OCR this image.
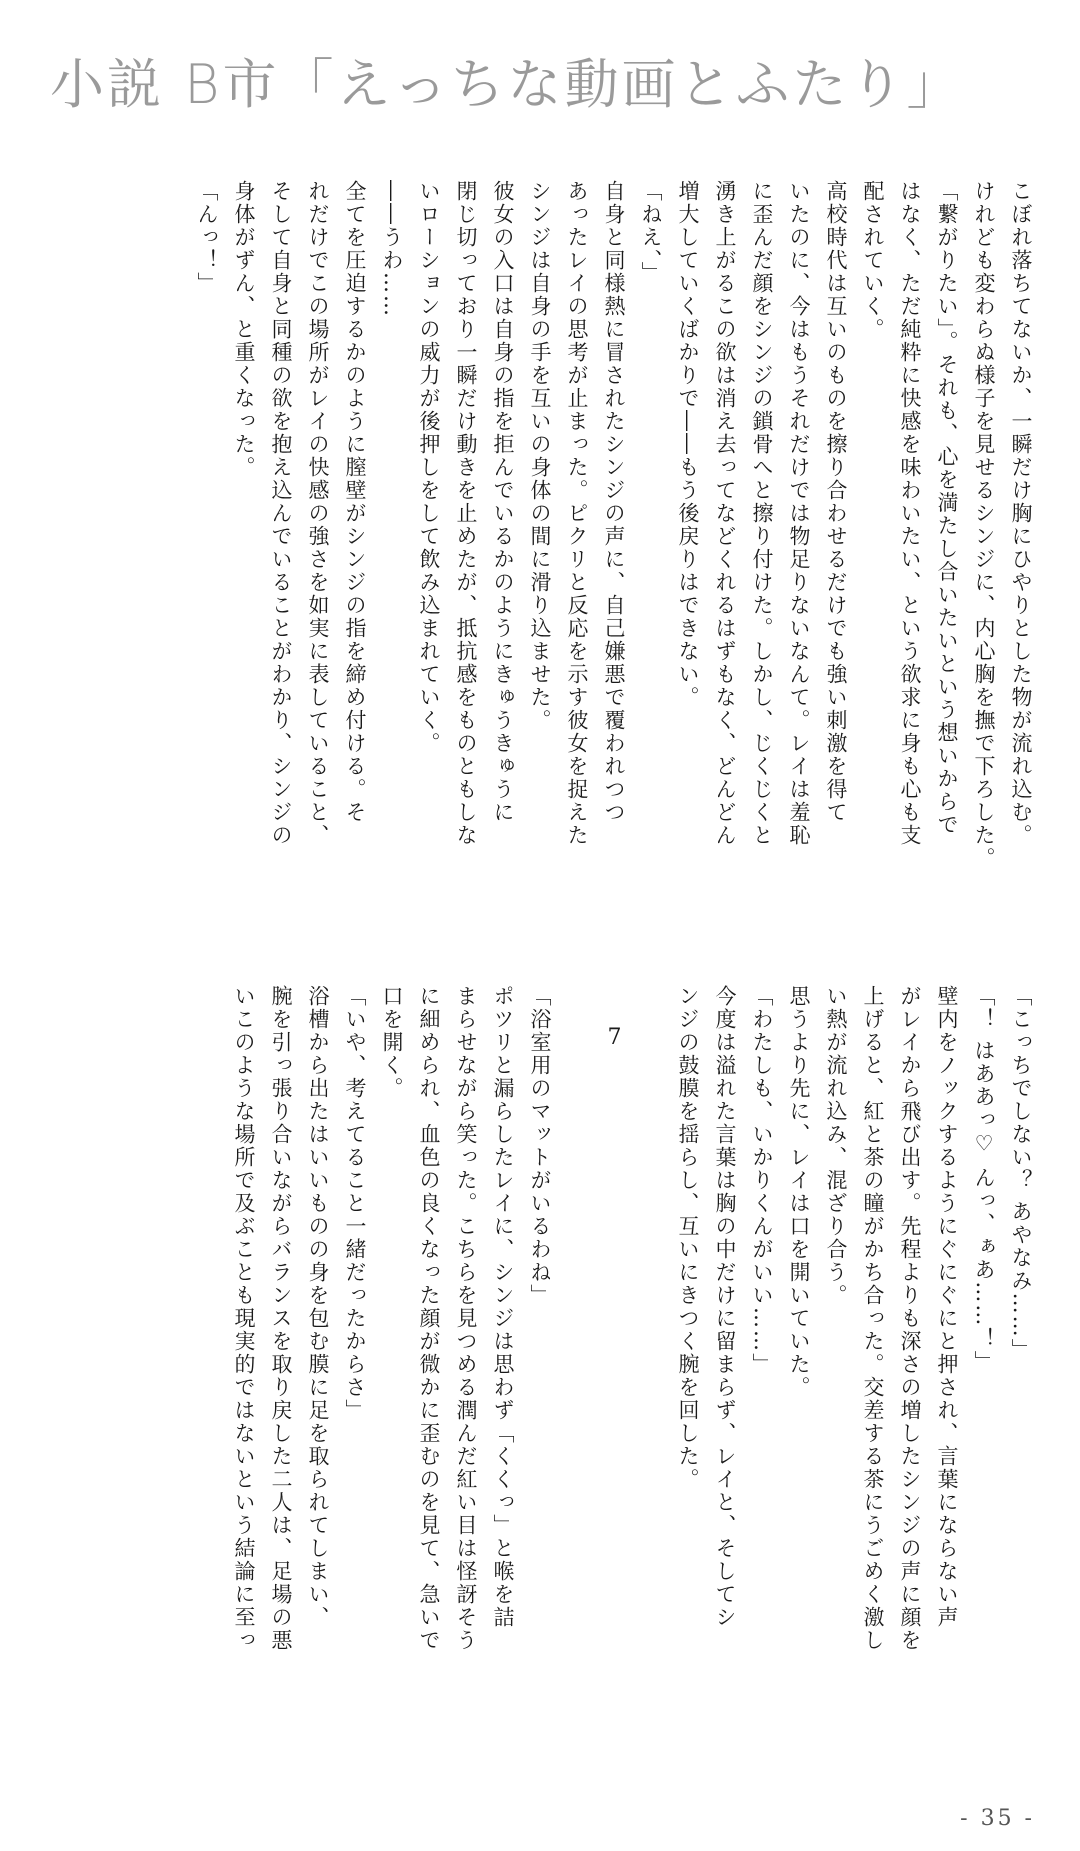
小説 B市「えっちな動画とふたり」
こぼれ落ちてないか、一瞬だけ胸にひやりとした物が流れ込む。
けれども変わらぬ様子を見せるシンジに、内心胸を撫で下ろした。
「繋がりたい」。それも、心を満たし合いたいという想いからで
はなく、ただ純粋に快感を味わいたい、という欲求に身も心も支
配されていく。
高校時代は互いのものを擦り合わせるだけでも強い刺激を得て
いたのに、今はもうそれだけでは物足りないなんて。レイは羞恥
に歪んだ顔をシンジの鎖骨へと擦り付けた。しかし、じくじくと
湧き上がるこの欲は消え去ってなどくれるはずもなく、どんどん
増大していくばかりで――もう後戻りはできない。
「ねえ、」
自身と同様熱に冒されたシンジの声に、自己嫌悪で覆われつつ
あったレイの思考が止まった。ピクリと反応を示す彼女を捉えた
シンジは自身の手を互いの身体の間に滑り込ませた。
彼女の入口は自身の指を拒んでいるかのようにきゅうきゅうに
閉じ切っており一瞬だけ動きを止めたが、抵抗感をものともしな
いローションの威力が後押しをして飲み込まれていく。
――うわ……
全てを圧迫するかのように膣壁がシンジの指を締め付ける。そ
れだけでこの場所がレイの快感の強さを如実に表していること、
そして自身と同種の欲を抱え込んでいることがわかり、シンジの
身体がずん、と重くなった。
「んっ！」
「こっちでしない？ あやなみ……」
「！ はああっ♡ んっ、ぁあ……！」
壁内をノックするようにぐにぐにと押され、言葉にならない声
がレイから飛び出す。先程よりも深さの増したシンジの声に顔を
上げると、紅と茶の瞳がかち合った。交差する茶にうごめく激し
い熱が流れ込み、混ざり合う。
思うより先に、レイは口を開いていた。
「わたしも、いかりくんがいい……」
今度は溢れた言葉は胸の中だけに留まらず、レイと、そしてシ
ンジの鼓膜を揺らし、互いにきつく腕を回した。
7
「浴室用のマットがいるわね」
ポツリと漏らしたレイに、シンジは思わず「くくっ」と喉を詰
まらせながら笑った。こちらを見つめる潤んだ紅い目は怪訝そう
に細められ、血色の良くなった顔が微かに歪むのを見て、急いで
口を開く。
「いや、考えてること一緒だったからさ」
浴槽から出たはいいものの身を包む膜に足を取られてしまい、
腕を引っ張り合いながらバランスを取り戻した二人は、足場の悪
いこのような場所で及ぶことも現実的ではないという結論に至っ
- 35 -
